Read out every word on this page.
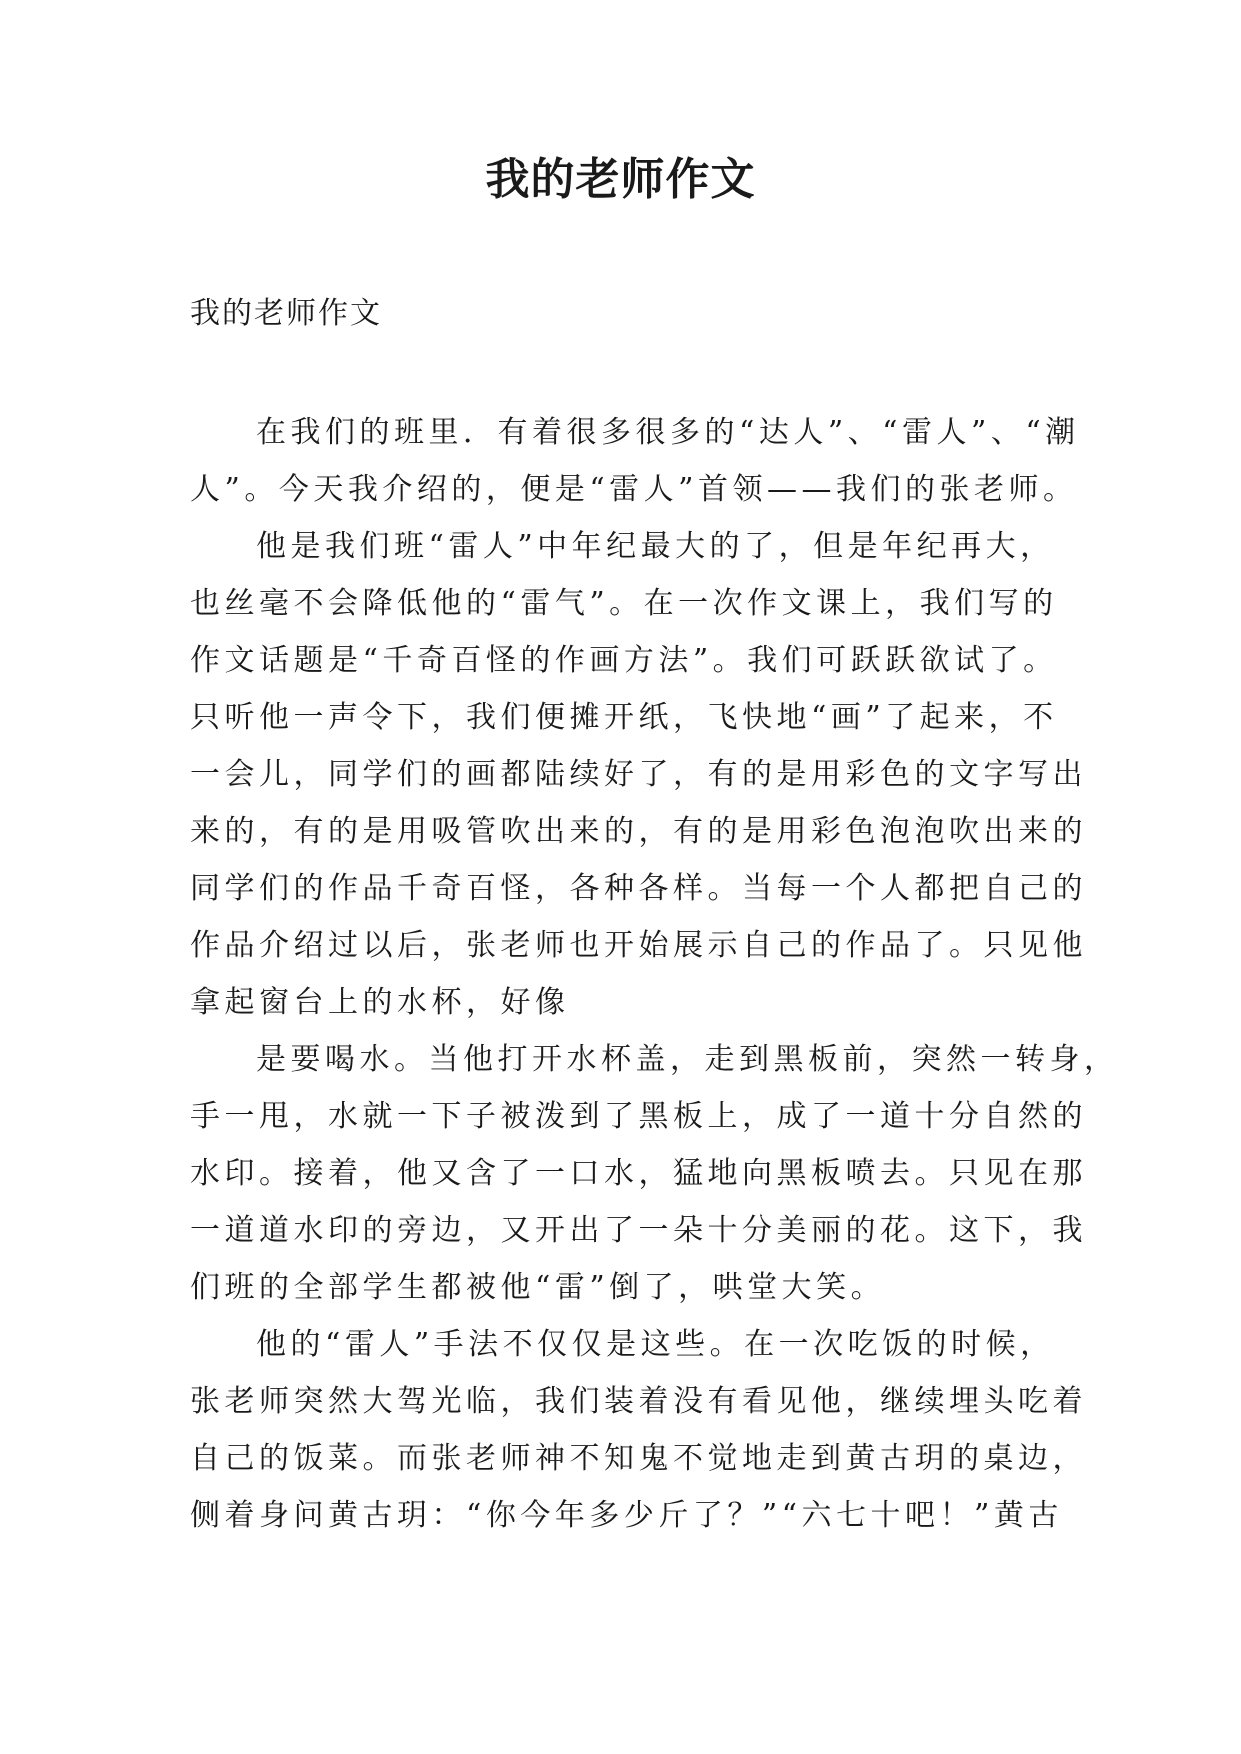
我的老师作文

我的老师作文

在我们的班里．有着很多很多的“达人”、“雷人”、“潮
人”。今天我介绍的，便是“雷人”首领——我们的张老师。
他是我们班“雷人”中年纪最大的了，但是年纪再大，
也丝毫不会降低他的“雷气”。在一次作文课上，我们写的
作文话题是“千奇百怪的作画方法”。我们可跃跃欲试了。
只听他一声令下，我们便摊开纸，飞快地“画”了起来，不
一会儿，同学们的画都陆续好了，有的是用彩色的文字写出
来的，有的是用吸管吹出来的，有的是用彩色泡泡吹出来的
同学们的作品千奇百怪，各种各样。当每一个人都把自己的
作品介绍过以后，张老师也开始展示自己的作品了。只见他
拿起窗台上的水杯，好像
是要喝水。当他打开水杯盖，走到黑板前，突然一转身，
手一甩，水就一下子被泼到了黑板上，成了一道十分自然的
水印。接着，他又含了一口水，猛地向黑板喷去。只见在那
一道道水印的旁边，又开出了一朵十分美丽的花。这下，我
们班的全部学生都被他“雷”倒了，哄堂大笑。
他的“雷人”手法不仅仅是这些。在一次吃饭的时候，
张老师突然大驾光临，我们装着没有看见他，继续埋头吃着
自己的饭菜。而张老师神不知鬼不觉地走到黄古玥的桌边，
侧着身问黄古玥：“你今年多少斤了？”“六七十吧！”黄古
